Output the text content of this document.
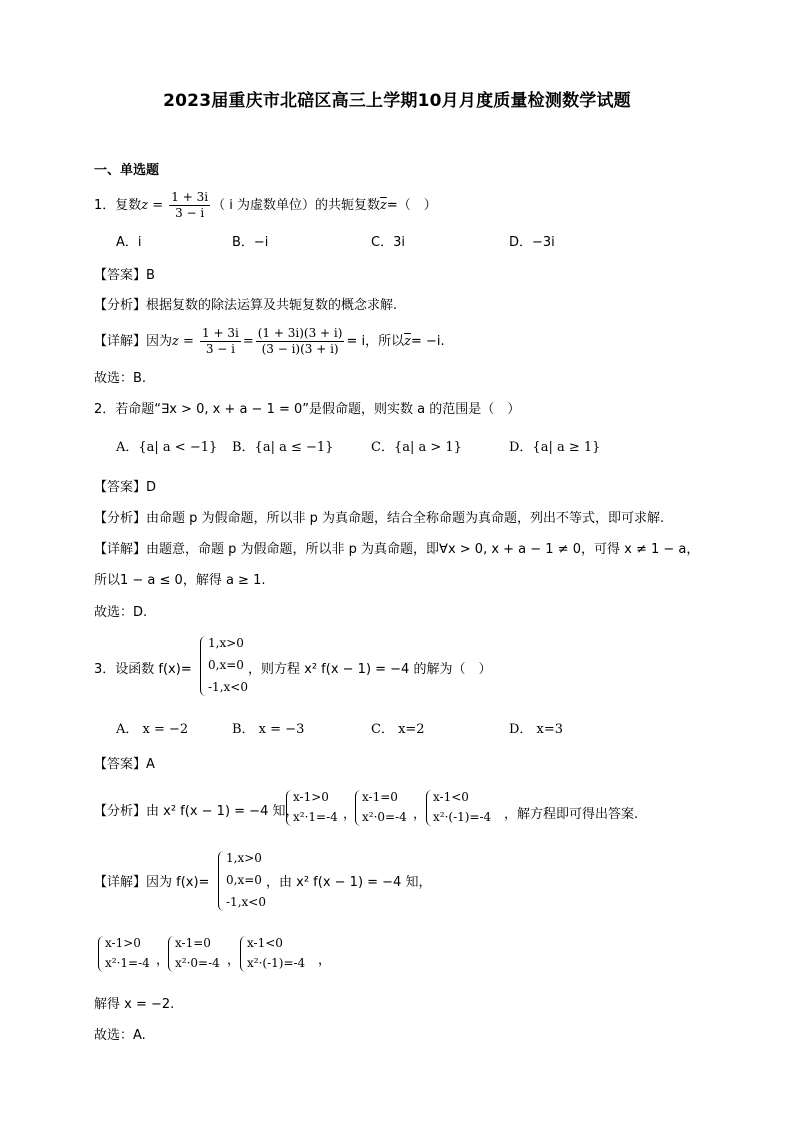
2023届重庆市北碚区高三上学期10月月度质量检测数学试题
一、单选题
1．复数$z = \frac{1 + 3i}{3 - i}$ （ i 为虚数单位）的共轭复数$\overline{z}=$（　）
A．i	B．−i	C．3i	D．−3i
【答案】B
【分析】根据复数的除法运算及共轭复数的概念求解.
【详解】因为$z = \frac{1 + 3i}{3 - i} = \frac{(1 + 3i)(3 + i)}{(3 - i)(3 + i)} = i$，所以$\overline{z}= -i$.
故选：B.
2．若命题“∃x > 0, x + a − 1 = 0”是假命题，则实数 a 的范围是（　）
A．{a| a < −1} B．{a| a ≤ −1}	C．{a| a > 1}	D．{a| a ≥ 1}
【答案】D
【分析】由命题 p 为假命题，所以非 p 为真命题，结合全称命题为真命题，列出不等式，即可求解.
【详解】由题意，命题 p 为假命题，所以非 p 为真命题，即∀x > 0, x + a − 1 ≠ 0，可得 x ≠ 1 − a，
所以1 − a ≤ 0，解得 a ≥ 1.
故选：D.
3．设函数 f(x)=
1,x>0
0,x=0
-1,x<0
，则方程 x² f(x − 1) = −4 的解为（　）
A． x = −2	B． x = −3	C． x=2	D． x=3
【答案】A
【分析】由 x² f(x − 1) = −4 知，
x-1>0
x²·1=-4 ，
x-1=0
x²·0=-4 ，
x-1<0
x²·(-1)=-4 ，解方程即可得出答案.
【详解】因为 f(x)=
1,x>0
0,x=0
-1,x<0
，由 x² f(x − 1) = −4 知，
x-1>0
x²·1=-4 ，
x-1=0
x²·0=-4 ，
x-1<0
x²·(-1)=-4 ，
解得 x = −2.
故选：A.
